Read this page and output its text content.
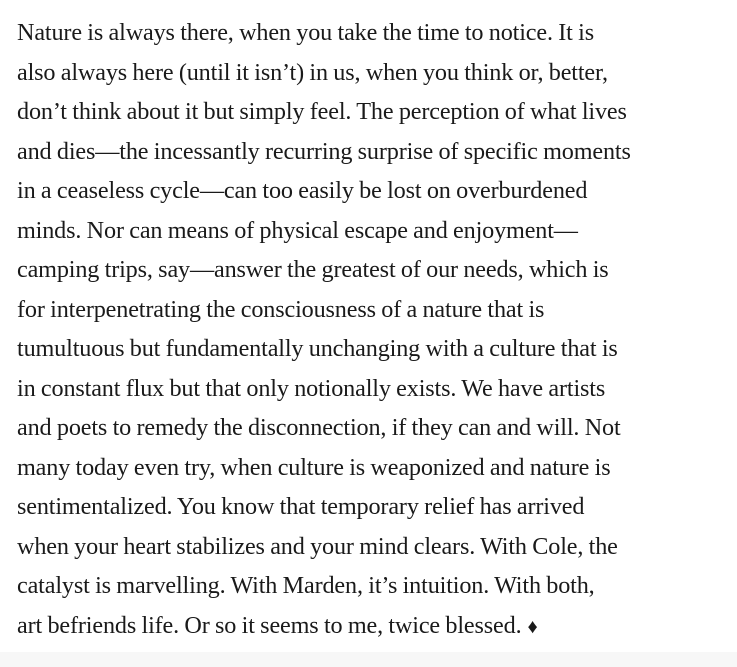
Nature is always there, when you take the time to notice. It is
also always here (until it isn’t) in us, when you think or, better,
don’t think about it but simply feel. The perception of what lives
and dies—the incessantly recurring surprise of specific moments
in a ceaseless cycle—can too easily be lost on overburdened
minds. Nor can means of physical escape and enjoyment—
camping trips, say—answer the greatest of our needs, which is
for interpenetrating the consciousness of a nature that is
tumultuous but fundamentally unchanging with a culture that is
in constant flux but that only notionally exists. We have artists
and poets to remedy the disconnection, if they can and will. Not
many today even try, when culture is weaponized and nature is
sentimentalized. You know that temporary relief has arrived
when your heart stabilizes and your mind clears. With Cole, the
catalyst is marvelling. With Marden, it’s intuition. With both,
art befriends life. Or so it seems to me, twice blessed. ♦
